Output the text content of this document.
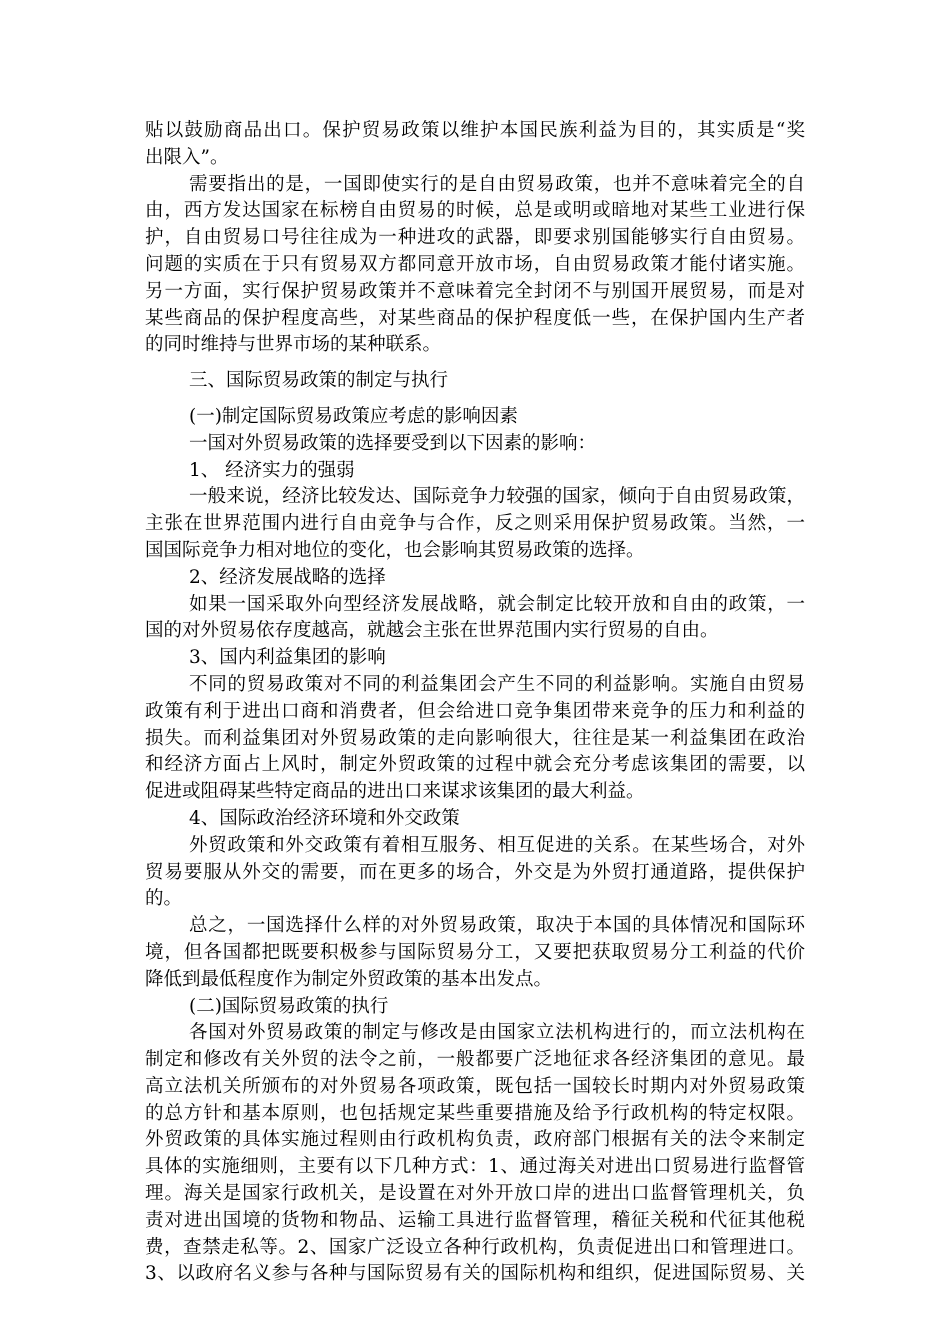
贴以鼓励商品出口。保护贸易政策以维护本国民族利益为目的，其实质是“奖
出限入”。
需要指出的是，一国即使实行的是自由贸易政策，也并不意味着完全的自
由，西方发达国家在标榜自由贸易的时候，总是或明或暗地对某些工业进行保
护，自由贸易口号往往成为一种进攻的武器，即要求别国能够实行自由贸易。
问题的实质在于只有贸易双方都同意开放市场，自由贸易政策才能付诸实施。
另一方面，实行保护贸易政策并不意味着完全封闭不与别国开展贸易，而是对
某些商品的保护程度高些，对某些商品的保护程度低一些，在保护国内生产者
的同时维持与世界市场的某种联系。
三、国际贸易政策的制定与执行
(一)制定国际贸易政策应考虑的影响因素
一国对外贸易政策的选择要受到以下因素的影响：
1、 经济实力的强弱
一般来说，经济比较发达、国际竞争力较强的国家，倾向于自由贸易政策，
主张在世界范围内进行自由竞争与合作，反之则采用保护贸易政策。当然，一
国国际竞争力相对地位的变化，也会影响其贸易政策的选择。
2、经济发展战略的选择
如果一国采取外向型经济发展战略，就会制定比较开放和自由的政策，一
国的对外贸易依存度越高，就越会主张在世界范围内实行贸易的自由。
3、国内利益集团的影响
不同的贸易政策对不同的利益集团会产生不同的利益影响。实施自由贸易
政策有利于进出口商和消费者，但会给进口竞争集团带来竞争的压力和利益的
损失。而利益集团对外贸易政策的走向影响很大，往往是某一利益集团在政治
和经济方面占上风时，制定外贸政策的过程中就会充分考虑该集团的需要，以
促进或阻碍某些特定商品的进出口来谋求该集团的最大利益。
4、国际政治经济环境和外交政策
外贸政策和外交政策有着相互服务、相互促进的关系。在某些场合，对外
贸易要服从外交的需要，而在更多的场合，外交是为外贸打通道路，提供保护
的。
总之，一国选择什么样的对外贸易政策，取决于本国的具体情况和国际环
境，但各国都把既要积极参与国际贸易分工，又要把获取贸易分工利益的代价
降低到最低程度作为制定外贸政策的基本出发点。
(二)国际贸易政策的执行
各国对外贸易政策的制定与修改是由国家立法机构进行的，而立法机构在
制定和修改有关外贸的法令之前，一般都要广泛地征求各经济集团的意见。最
高立法机关所颁布的对外贸易各项政策，既包括一国较长时期内对外贸易政策
的总方针和基本原则，也包括规定某些重要措施及给予行政机构的特定权限。
外贸政策的具体实施过程则由行政机构负责，政府部门根据有关的法令来制定
具体的实施细则，主要有以下几种方式：1、通过海关对进出口贸易进行监督管
理。海关是国家行政机关，是设置在对外开放口岸的进出口监督管理机关，负
责对进出国境的货物和物品、运输工具进行监督管理，稽征关税和代征其他税
费，查禁走私等。2、国家广泛设立各种行政机构，负责促进出口和管理进口。
3、以政府名义参与各种与国际贸易有关的国际机构和组织，促进国际贸易、关
